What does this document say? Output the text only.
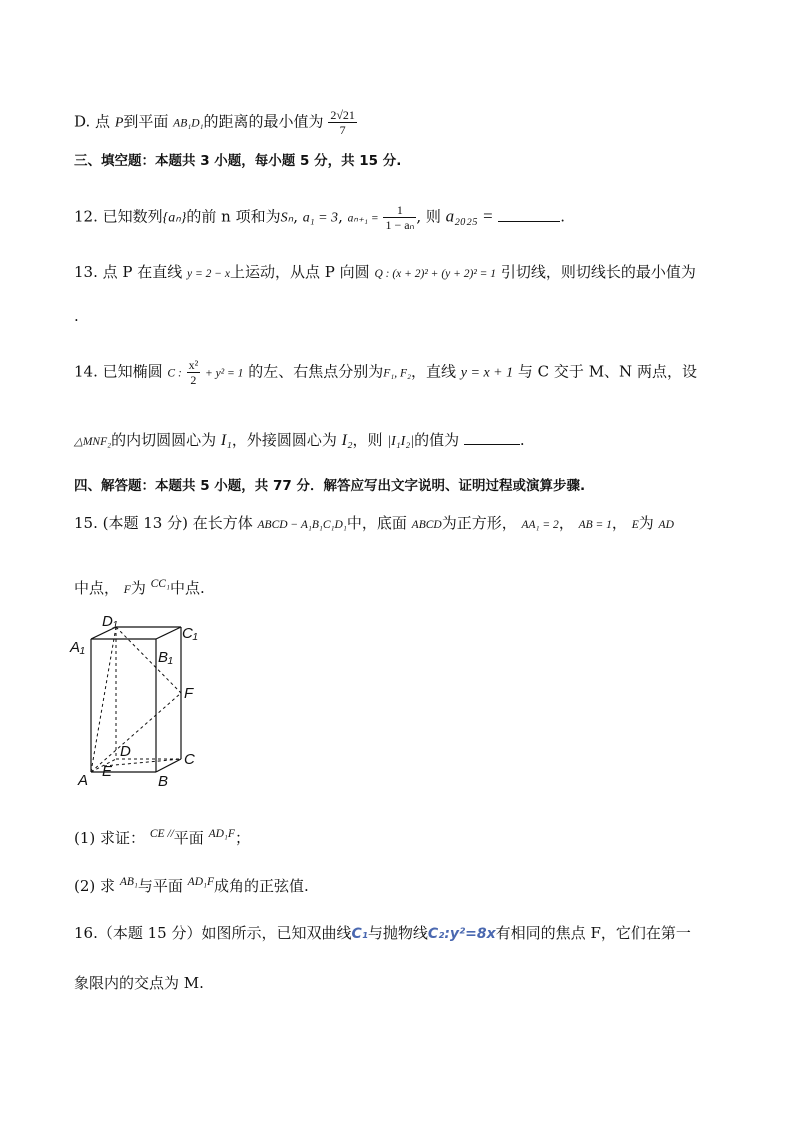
D. 点 P到平面 AB₁D₁的距离的最小值为 $\frac{2√21}{7}$
三、填空题：本题共 3 小题，每小题 5 分，共 15 分.
12. 已知数列{aₙ}的前 n 项和为Sₙ, a₁ = 3, $a_{n+1} = \frac{1}{\text{1 − aₙ}}$ , 则 a₂₀₂₅ =	.
13. 点 P 在直线 y = 2 − x上运动，从点 P 向圆 Q : (x + 2)² + (y + 2)² = 1 引切线，则切线长的最小值为
.
14. 已知椭圆 C : $\frac{\text{x²}}{2} + y^2 = 1$ 的左、右焦点分别为F₁, F₂，直线 y = x + 1 与 C 交于 M、N 两点，设
△MNF₂的内切圆圆心为 I₁，外接圆圆心为 I₂，则 |I₁I₂|的值为	.
四、解答题：本题共 5 小题，共 77 分．解答应写出文字说明、证明过程或演算步骤.
15. (本题 13 分) 在长方体 ABCD − A₁B₁C₁D₁中，底面 ABCD为正方形， AA₁ = 2， AB = 1， E为 AD
中点， F为 $^{CC_1}$中点.
D₁
C₁
A₁
B₁
F
D	C
A
E
B
(1) 求证： $^{CE //}$平面 $^{AD_1F}$；
(2) 求 $^{AB_1}$与平面 $^{AD_1F}$成角的正弦值.
16.（本题 15 分）如图所示，已知双曲线C₁与抛物线C₂:y²=8x有相同的焦点 F，它们在第一
象限内的交点为 M.
